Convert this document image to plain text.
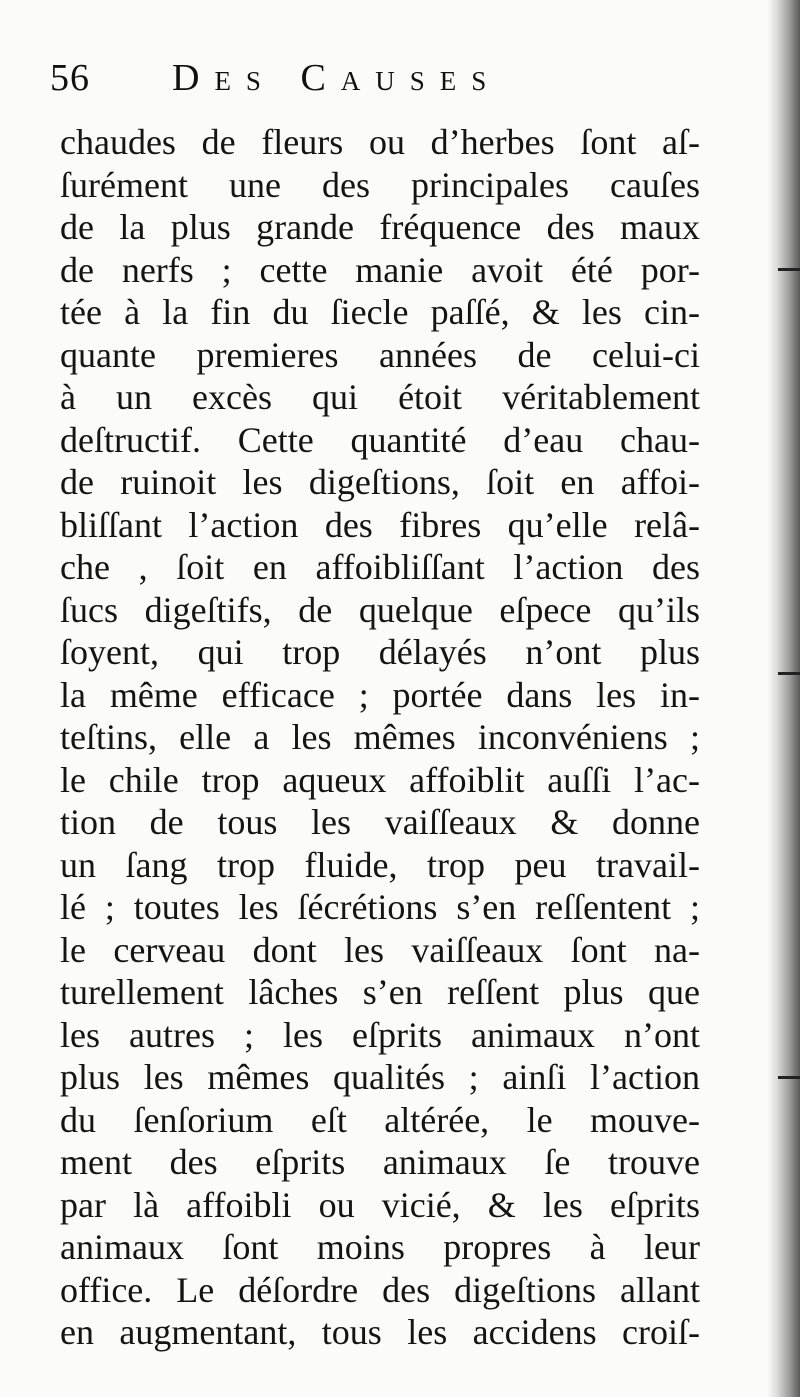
56 Des Causes
chaudes de fleurs ou d’herbes ſont aſ-
ſurément une des principales cauſes
de la plus grande fréquence des maux
de nerfs ; cette manie avoit été por-
tée à la fin du ſiecle paſſé, & les cin-
quante premieres années de celui-ci
à un excès qui étoit véritablement
deſtructif. Cette quantité d’eau chau-
de ruinoit les digeſtions, ſoit en affoi-
bliſſant l’action des fibres qu’elle relâ-
che , ſoit en affoibliſſant l’action des
ſucs digeſtifs, de quelque eſpece qu’ils
ſoyent, qui trop délayés n’ont plus
la même efficace ; portée dans les in-
teſtins, elle a les mêmes inconvéniens ;
le chile trop aqueux affoiblit auſſi l’ac-
tion de tous les vaiſſeaux & donne
un ſang trop fluide, trop peu travail-
lé ; toutes les ſécrétions s’en reſſentent ;
le cerveau dont les vaiſſeaux ſont na-
turellement lâches s’en reſſent plus que
les autres ; les eſprits animaux n’ont
plus les mêmes qualités ; ainſi l’action
du ſenſorium eſt altérée, le mouve-
ment des eſprits animaux ſe trouve
par là affoibli ou vicié, & les eſprits
animaux ſont moins propres à leur
office. Le déſordre des digeſtions allant
en augmentant, tous les accidens croiſ-
